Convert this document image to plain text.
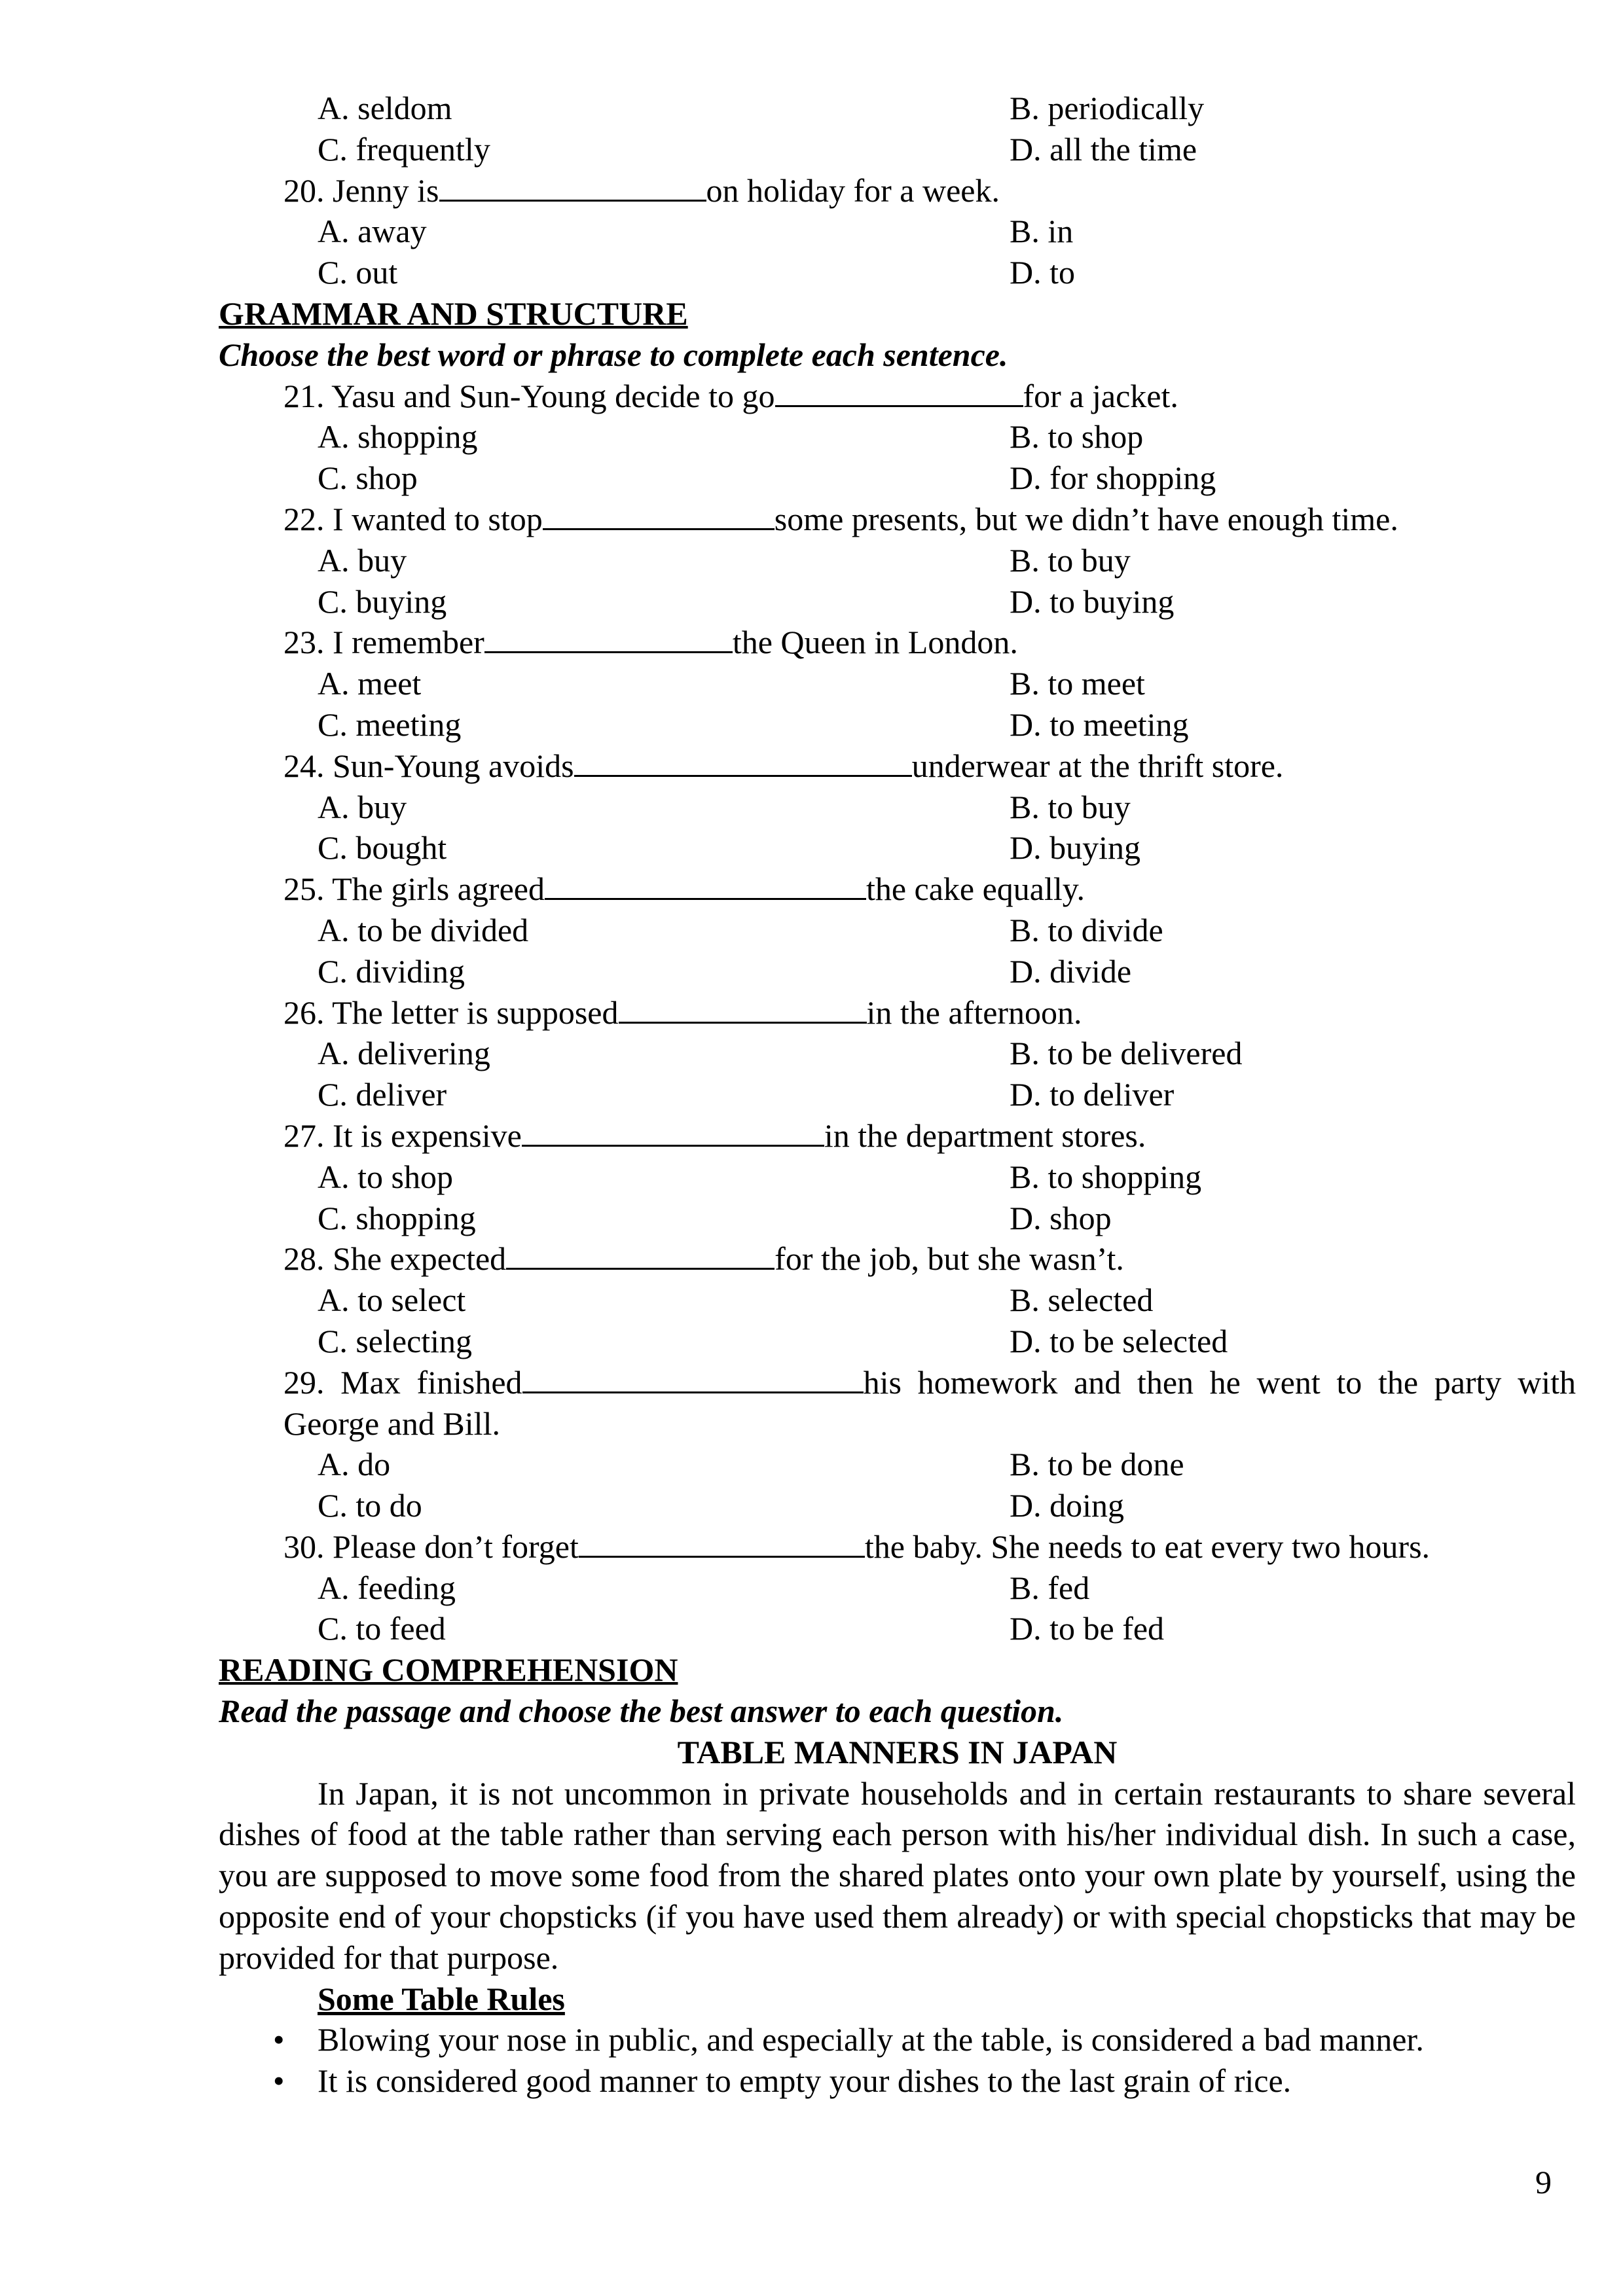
A. seldom	B. periodically
C. frequently	D. all the time
20. Jenny is	on holiday for a week.
A. away	B. in
C. out	D. to
GRAMMAR AND STRUCTURE
Choose the best word or phrase to complete each sentence.
21. Yasu and Sun-Young decide to go	for a jacket.
A. shopping	B. to shop
C. shop	D. for shopping
22. I wanted to stop	some presents, but we didn’t have enough time.
A. buy	B. to buy
C. buying	D. to buying
23. I remember	the Queen in London.
A. meet	B. to meet
C. meeting	D. to meeting
24. Sun-Young avoids	underwear at the thrift store.
A. buy	B. to buy
C. bought	D. buying
25. The girls agreed	the cake equally.
A. to be divided	B. to divide
C. dividing	D. divide
26. The letter is supposed	in the afternoon.
A. delivering	B. to be delivered
C. deliver	D. to deliver
27. It is expensive	in the department stores.
A. to shop	B. to shopping
C. shopping	D. shop
28. She expected	for the job, but she wasn’t.
A. to select	B. selected
C. selecting	D. to be selected
29. Max finished	his homework and then he went to the party with George and Bill.
A. do	B. to be done
C. to do	D. doing
30. Please don’t forget	the baby. She needs to eat every two hours.
A. feeding	B. fed
C. to feed	D. to be fed
READING COMPREHENSION
Read the passage and choose the best answer to each question.
TABLE MANNERS IN JAPAN
In Japan, it is not uncommon in private households and in certain restaurants to share several dishes of food at the table rather than serving each person with his/her individual dish. In such a case, you are supposed to move some food from the shared plates onto your own plate by yourself, using the opposite end of your chopsticks (if you have used them already) or with special chopsticks that may be provided for that purpose.
Some Table Rules
• Blowing your nose in public, and especially at the table, is considered a bad manner.
• It is considered good manner to empty your dishes to the last grain of rice.
9
